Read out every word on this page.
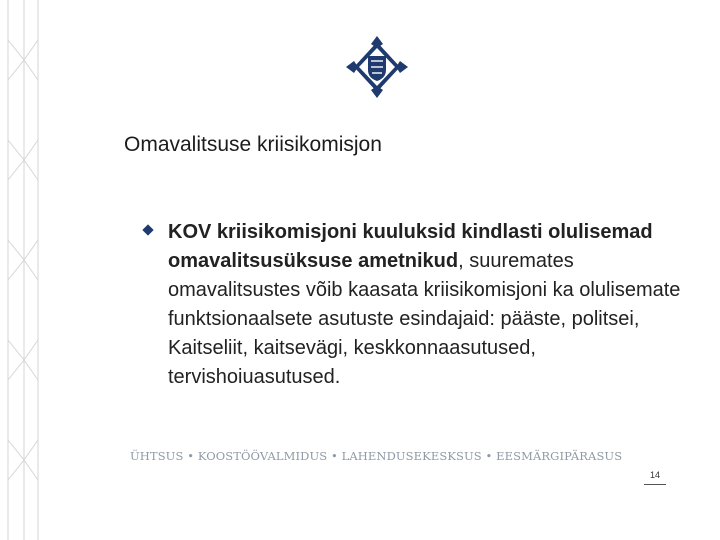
Omavalitsuse kriisikomisjon
KOV kriisikomisjoni kuuluksid kindlasti olulisemad omavalitsusüksuse ametnikud, suuremates omavalitsustes võib kaasata kriisikomisjoni ka olulisemate funktsionaalsete asutuste esindajaid: pääste, politsei, Kaitseliit, kaitsevägi, keskkonnaasutused, tervishoiuasutused.
ÜHTSUS • KOOSTÖÖVALMIDUS • LAHENDUSEKESKSUS • EESMÄRGIPÄRASUS
14
